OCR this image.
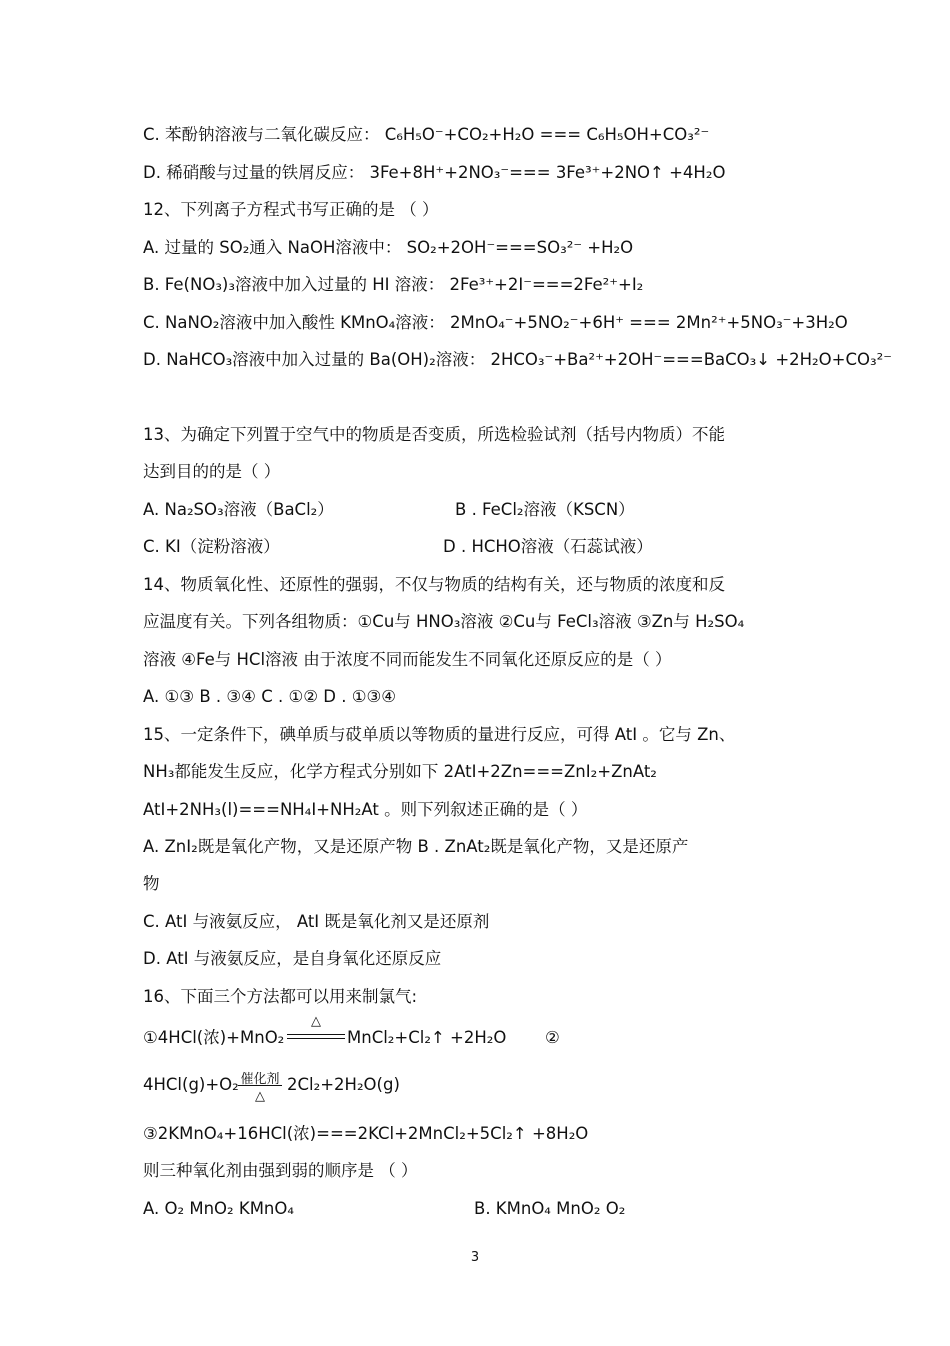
C. 苯酚钠溶液与二氧化碳反应： C₆H₅O⁻+CO₂+H₂O === C₆H₅OH+CO₃²⁻
D. 稀硝酸与过量的铁屑反应： 3Fe+8H⁺+2NO₃⁻=== 3Fe³⁺+2NO↑ +4H₂O
12、下列离子方程式书写正确的是 （ ）
A. 过量的 SO₂通入 NaOH溶液中： SO₂+2OH⁻===SO₃²⁻ +H₂O
B. Fe(NO₃)₃溶液中加入过量的 HI 溶液： 2Fe³⁺+2I⁻===2Fe²⁺+I₂
C. NaNO₂溶液中加入酸性 KMnO₄溶液： 2MnO₄⁻+5NO₂⁻+6H⁺ === 2Mn²⁺+5NO₃⁻+3H₂O
D. NaHCO₃溶液中加入过量的 Ba(OH)₂溶液： 2HCO₃⁻+Ba²⁺+2OH⁻===BaCO₃↓ +2H₂O+CO₃²⁻
13、为确定下列置于空气中的物质是否变质，所选检验试剂（括号内物质）不能
达到目的的是（ ）
A. Na₂SO₃溶液（BaCl₂）	B . FeCl₂溶液（KSCN）
C. KI（淀粉溶液）	D . HCHO溶液（石蕊试液）
14、物质氧化性、还原性的强弱，不仅与物质的结构有关，还与物质的浓度和反
应温度有关。下列各组物质：①Cu与 HNO₃溶液 ②Cu与 FeCl₃溶液 ③Zn与 H₂SO₄
溶液 ④Fe与 HCl溶液 由于浓度不同而能发生不同氧化还原反应的是（ ）
A. ①③ B . ③④ C . ①② D . ①③④
15、一定条件下，碘单质与砹单质以等物质的量进行反应，可得 AtI 。它与 Zn、
NH₃都能发生反应，化学方程式分别如下 2AtI+2Zn===ZnI₂+ZnAt₂
AtI+2NH₃(l)===NH₄I+NH₂At 。则下列叙述正确的是（ ）
A. ZnI₂既是氧化产物，又是还原产物 B . ZnAt₂既是氧化产物，又是还原产
物
C. AtI 与液氨反应， AtI 既是氧化剂又是还原剂
D. AtI 与液氨反应，是自身氧化还原反应
16、下面三个方法都可以用来制氯气:
①4HCl(浓)+MnO₂
△
MnCl₂+Cl₂↑ +2H₂O ②
4HCl(g)+O₂ 催化剂
△
2Cl₂+2H₂O(g)
③2KMnO₄+16HCl(浓)===2KCl+2MnCl₂+5Cl₂↑ +8H₂O
则三种氧化剂由强到弱的顺序是 （ ）
A. O₂ MnO₂ KMnO₄	B. KMnO₄ MnO₂ O₂
3
